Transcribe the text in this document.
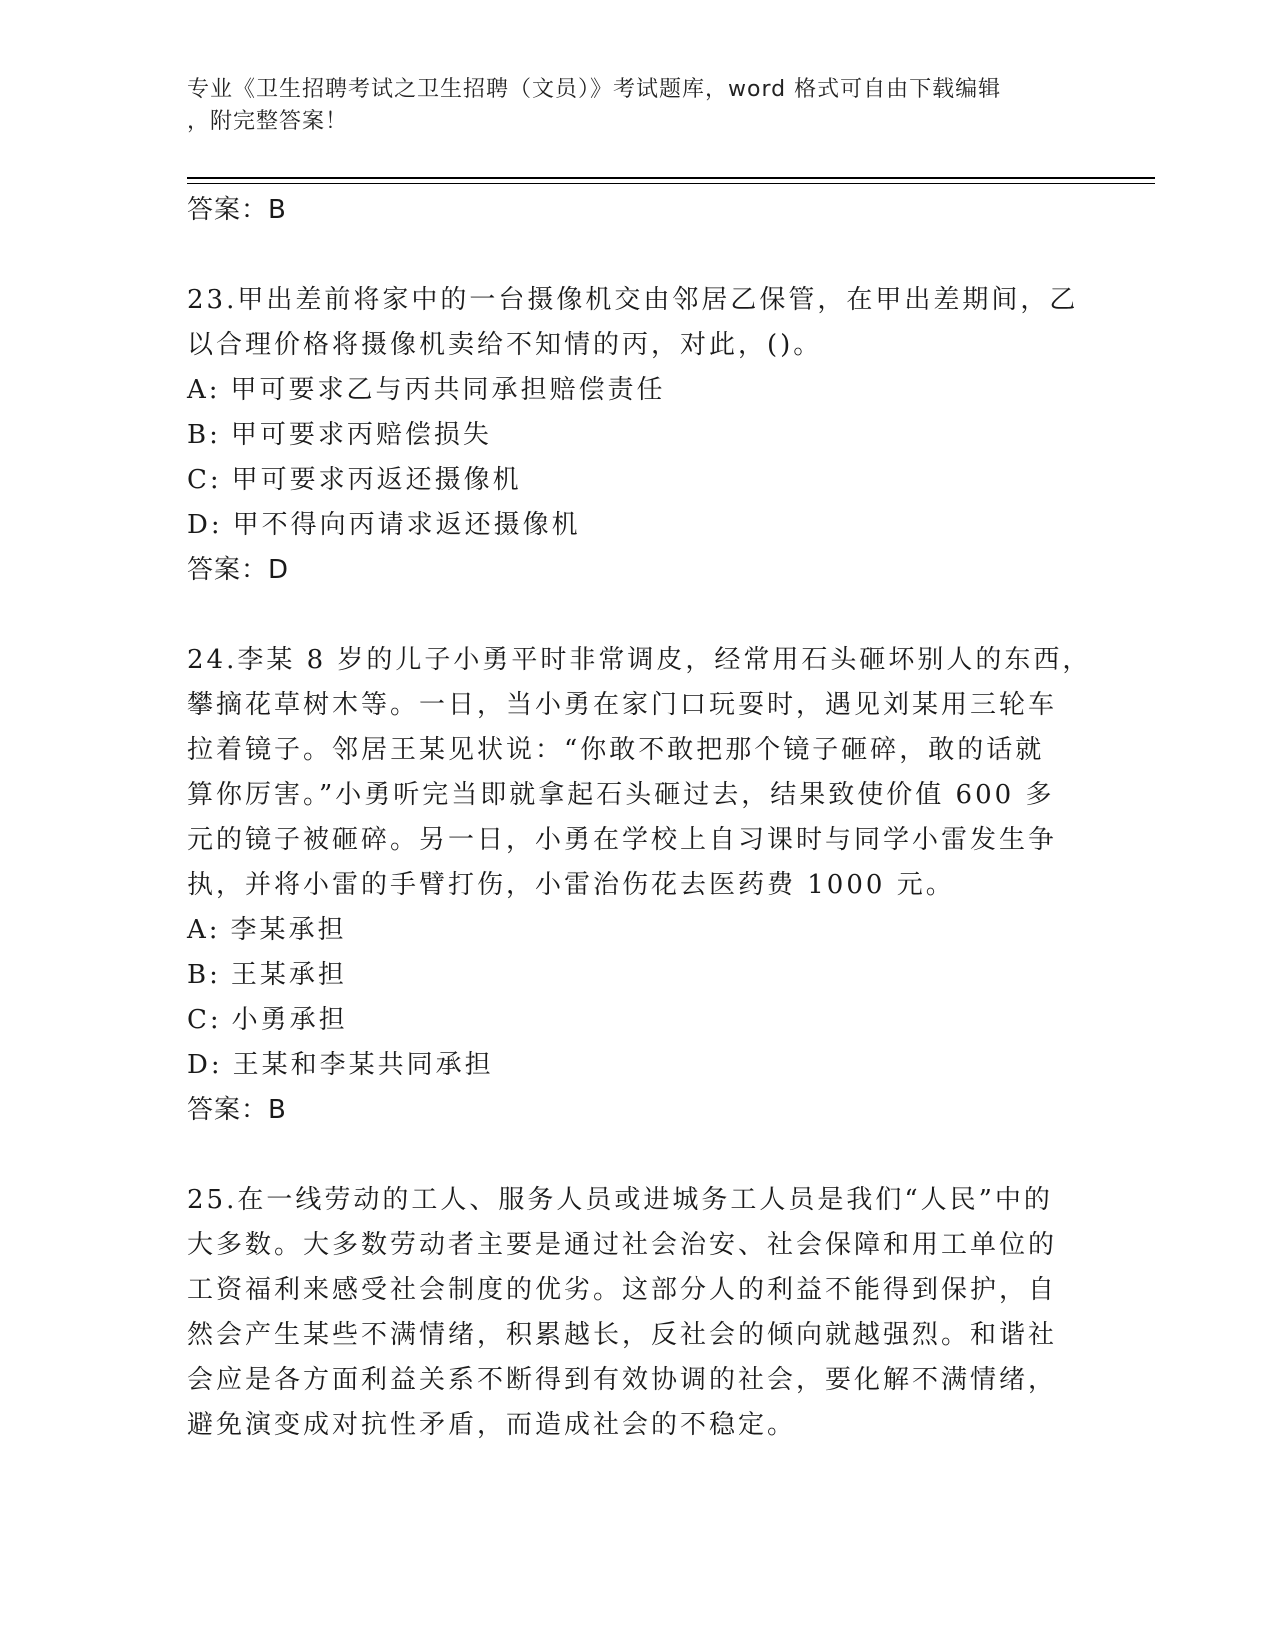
专业《卫生招聘考试之卫生招聘（文员）》考试题库，word 格式可自由下载编辑

，附完整答案！

答案：B

23.甲出差前将家中的一台摄像机交由邻居乙保管，在甲出差期间，乙
以合理价格将摄像机卖给不知情的丙，对此，()。

A: 甲可要求乙与丙共同承担赔偿责任

B: 甲可要求丙赔偿损失

C: 甲可要求丙返还摄像机

D: 甲不得向丙请求返还摄像机

答案：D

24.李某 8 岁的儿子小勇平时非常调皮，经常用石头砸坏别人的东西，
攀摘花草树木等。一日，当小勇在家门口玩耍时，遇见刘某用三轮车
拉着镜子。邻居王某见状说：“你敢不敢把那个镜子砸碎，敢的话就
算你厉害。”小勇听完当即就拿起石头砸过去，结果致使价值 600 多
元的镜子被砸碎。另一日，小勇在学校上自习课时与同学小雷发生争
执，并将小雷的手臂打伤，小雷治伤花去医药费 1000 元。

A: 李某承担

B: 王某承担

C: 小勇承担

D: 王某和李某共同承担

答案：B

25.在一线劳动的工人、服务人员或进城务工人员是我们“人民”中的
大多数。大多数劳动者主要是通过社会治安、社会保障和用工单位的
工资福利来感受社会制度的优劣。这部分人的利益不能得到保护，自
然会产生某些不满情绪，积累越长，反社会的倾向就越强烈。和谐社
会应是各方面利益关系不断得到有效协调的社会，要化解不满情绪，
避免演变成对抗性矛盾，而造成社会的不稳定。
